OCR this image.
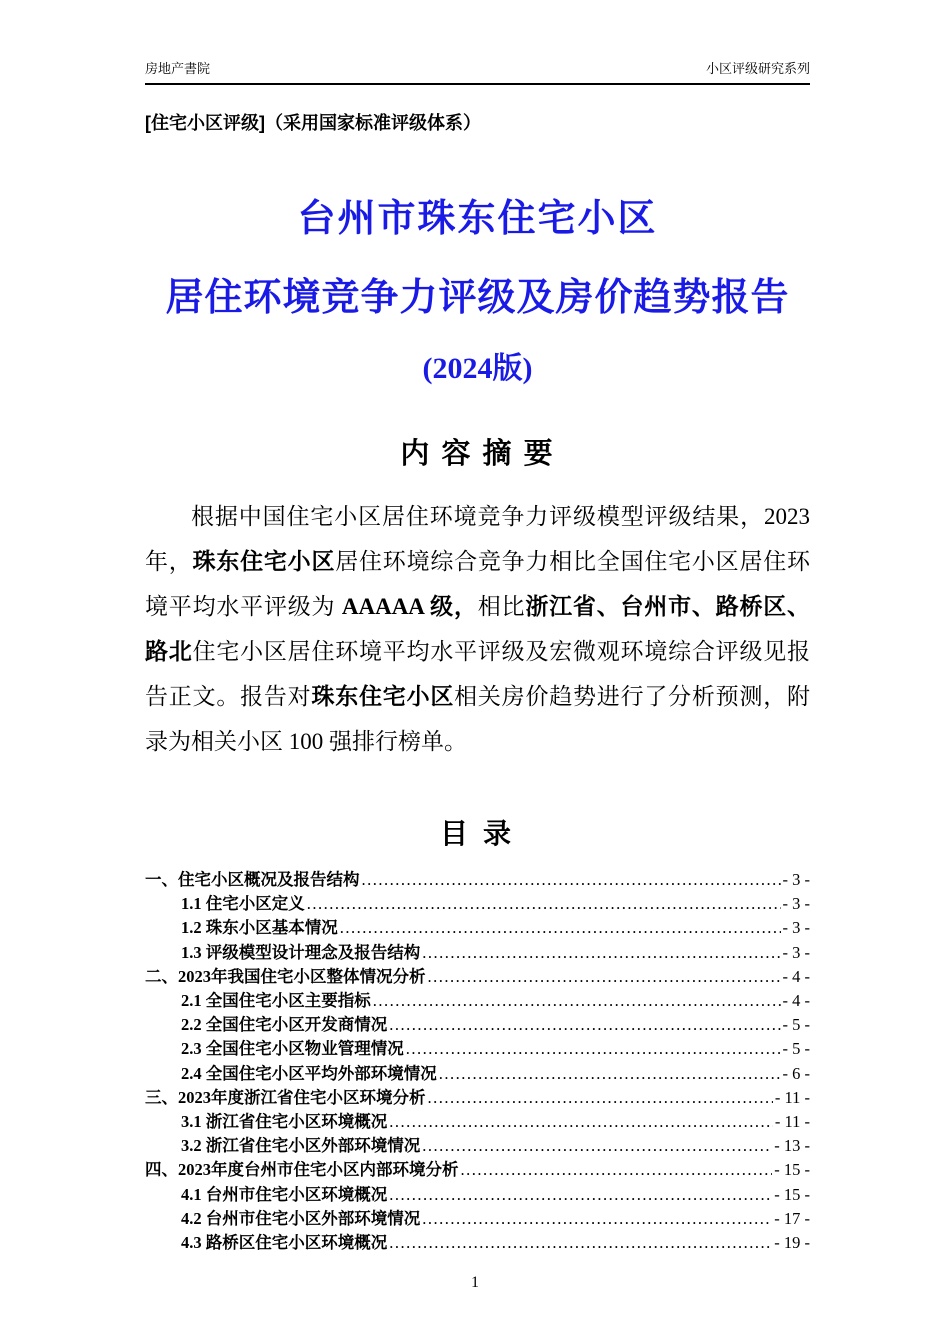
房地产書院	小区评级研究系列
[住宅小区评级]（采用国家标准评级体系）
台州市珠东住宅小区
居住环境竞争力评级及房价趋势报告
(2024版)
内 容 摘 要

根据中国住宅小区居住环境竞争力评级模型评级结果，2023 年，珠东住宅小区居住环境综合竞争力相比全国住宅小区居住环境平均水平评级为 AAAAA 级，相比浙江省、台州市、路桥区、路北住宅小区居住环境平均水平评级及宏微观环境综合评级见报告正文。报告对珠东住宅小区相关房价趋势进行了分析预测，附录为相关小区 100 强排行榜单。

目 录
一、住宅小区概况及报告结构 .....	- 3 -
1.1 住宅小区定义 .....	- 3 -
1.2 珠东小区基本情况 .....	- 3 -
1.3 评级模型设计理念及报告结构 .....	- 3 -
二、2023年我国住宅小区整体情况分析 .....	- 4 -
2.1 全国住宅小区主要指标 .....	- 4 -
2.2 全国住宅小区开发商情况 .....	- 5 -
2.3 全国住宅小区物业管理情况 .....	- 5 -
2.4 全国住宅小区平均外部环境情况 .....	- 6 -
三、2023年度浙江省住宅小区环境分析 .....	- 11 -
3.1 浙江省住宅小区环境概况 .....	- 11 -
3.2 浙江省住宅小区外部环境情况 .....	- 13 -
四、2023年度台州市住宅小区内部环境分析 .....	- 15 -
4.1 台州市住宅小区环境概况 .....	- 15 -
4.2 台州市住宅小区外部环境情况 .....	- 17 -
4.3 路桥区住宅小区环境概况 .....	- 19 -
1
